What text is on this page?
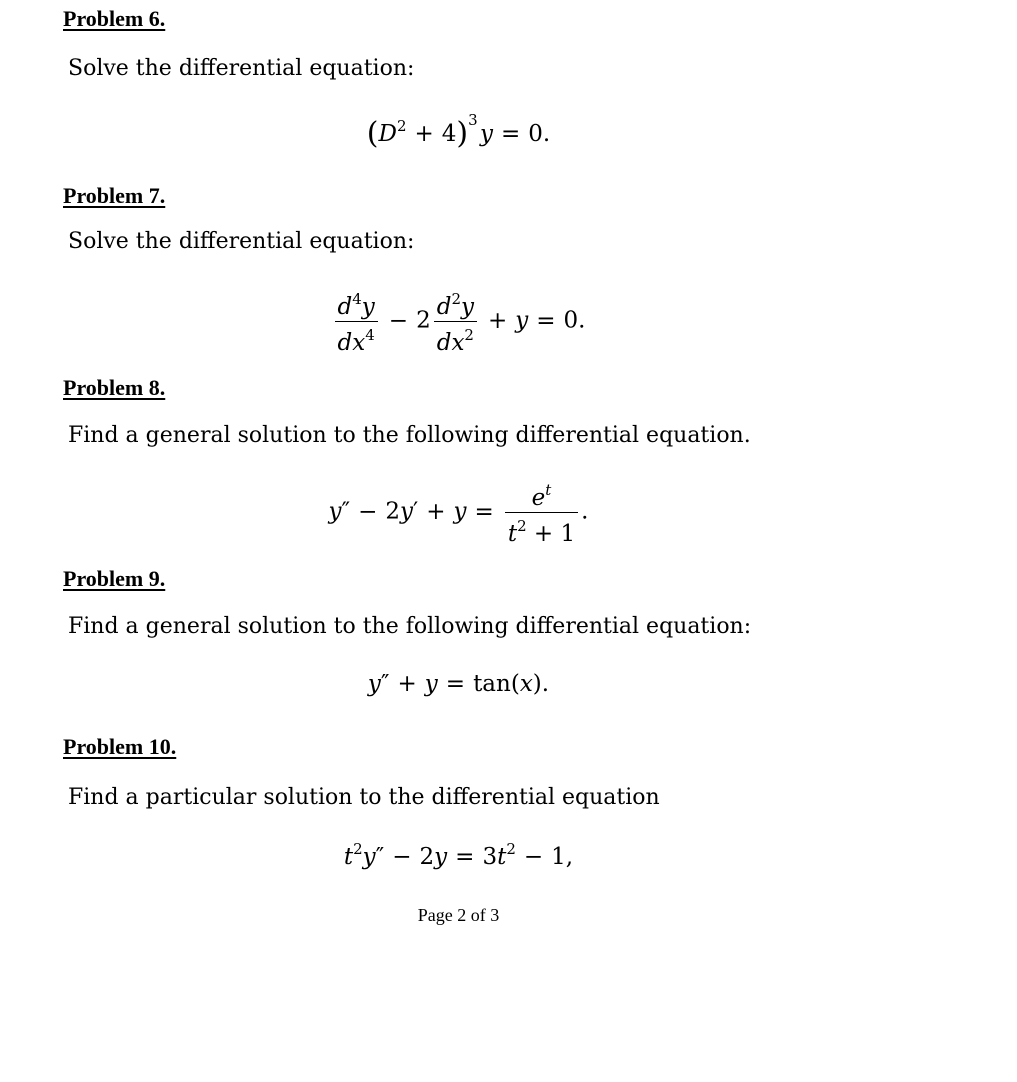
Problem 6.

Solve the differential equation:

$(D^2 + 4)^3$ y = 0.
Problem 7.

Solve the differential equation:

$\frac{d^4y}{dx^4} - 2 \frac{d^2y}{dx^2} + y = 0$.
Problem 8.

Find a general solution to the following differential equation.

$y'' - 2y' + y = \frac{e^t}{t^2 + 1}$ .
Problem 9.

Find a general solution to the following differential equation:

y″ + y = tan(x).
Problem 10.

Find a particular solution to the differential equation

$t^2y'' - 2y = 3t^2 - 1$,
Page 2 of 3
